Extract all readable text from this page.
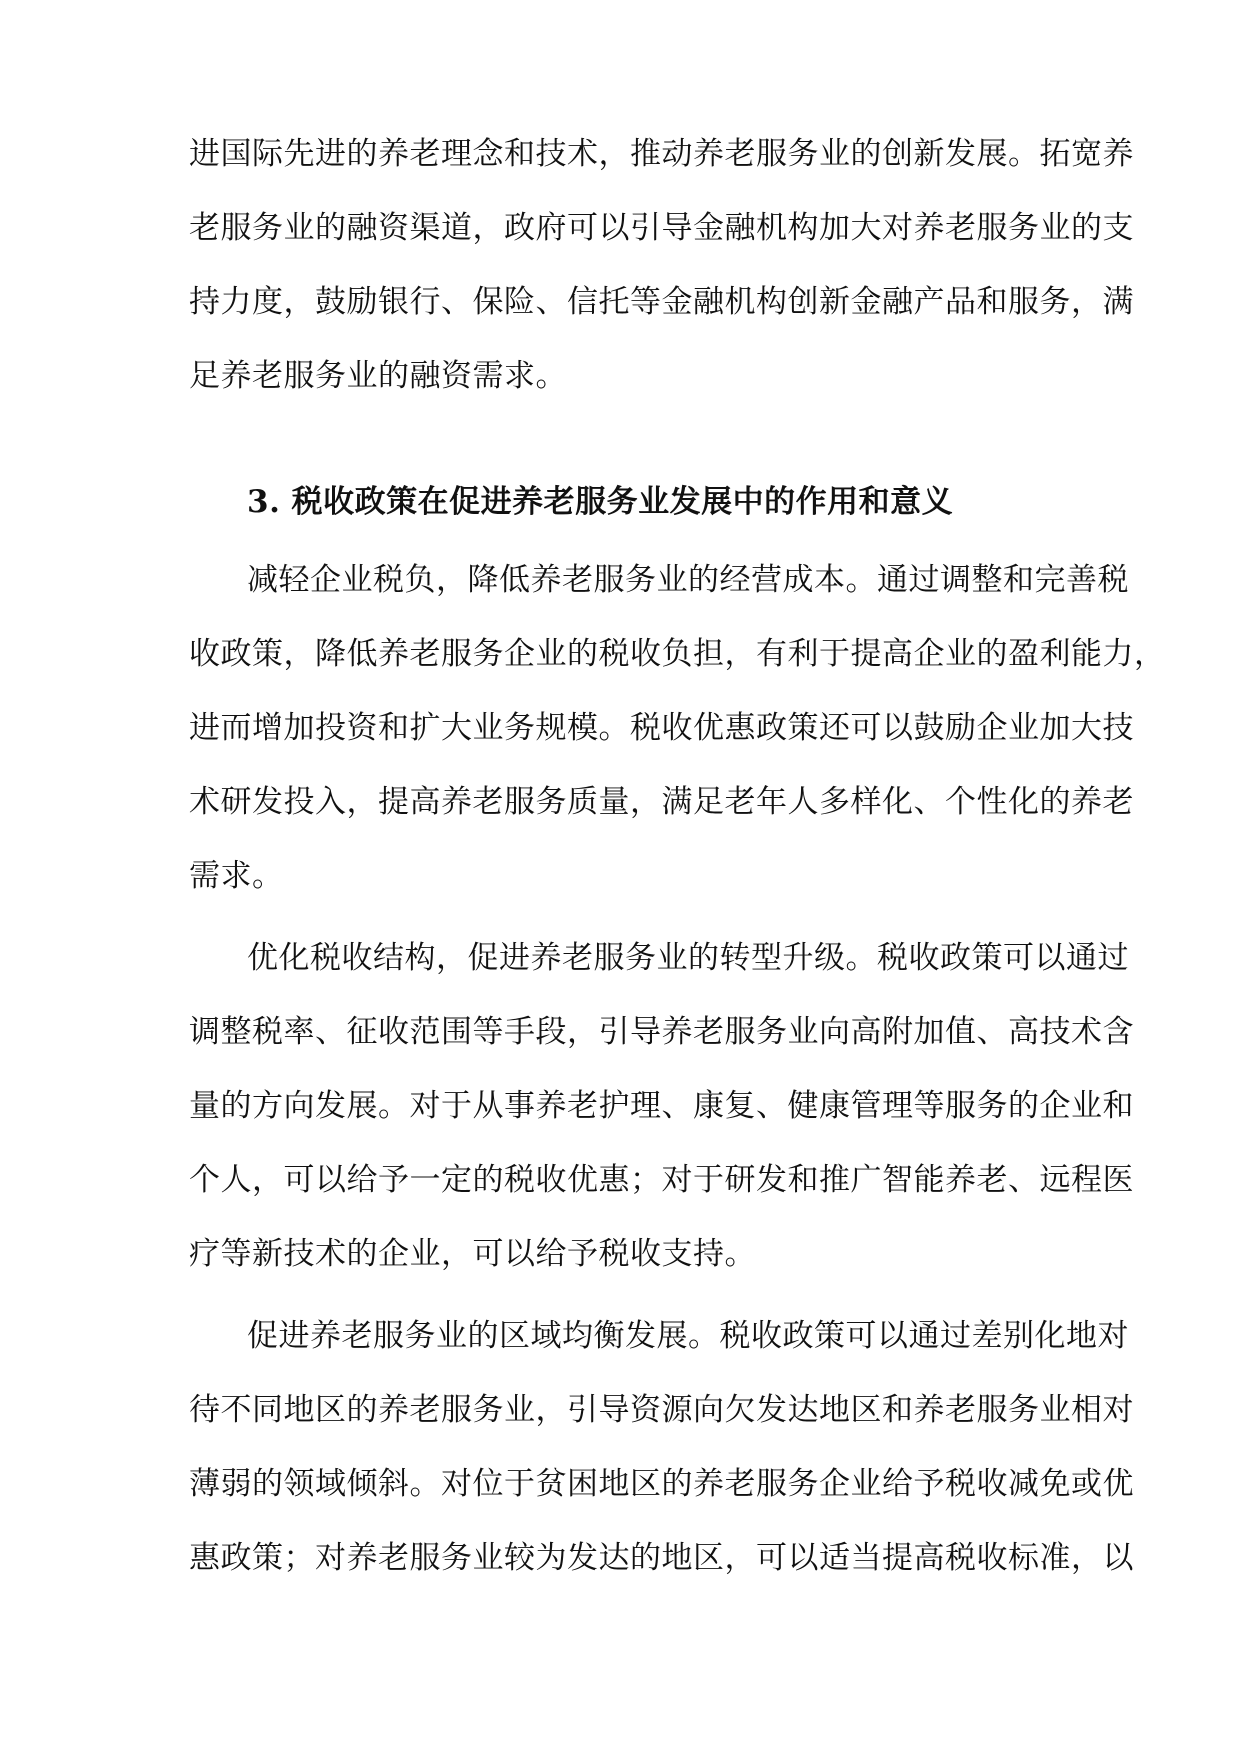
进国际先进的养老理念和技术，推动养老服务业的创新发展。拓宽养
老服务业的融资渠道，政府可以引导金融机构加大对养老服务业的支
持力度，鼓励银行、保险、信托等金融机构创新金融产品和服务，满
足养老服务业的融资需求。
3. 税收政策在促进养老服务业发展中的作用和意义
减轻企业税负，降低养老服务业的经营成本。通过调整和完善税
收政策，降低养老服务企业的税收负担，有利于提高企业的盈利能力，
进而增加投资和扩大业务规模。税收优惠政策还可以鼓励企业加大技
术研发投入，提高养老服务质量，满足老年人多样化、个性化的养老
需求。
优化税收结构，促进养老服务业的转型升级。税收政策可以通过
调整税率、征收范围等手段，引导养老服务业向高附加值、高技术含
量的方向发展。对于从事养老护理、康复、健康管理等服务的企业和
个人，可以给予一定的税收优惠；对于研发和推广智能养老、远程医
疗等新技术的企业，可以给予税收支持。
促进养老服务业的区域均衡发展。税收政策可以通过差别化地对
待不同地区的养老服务业，引导资源向欠发达地区和养老服务业相对
薄弱的领域倾斜。对位于贫困地区的养老服务企业给予税收减免或优
惠政策；对养老服务业较为发达的地区，可以适当提高税收标准，以
